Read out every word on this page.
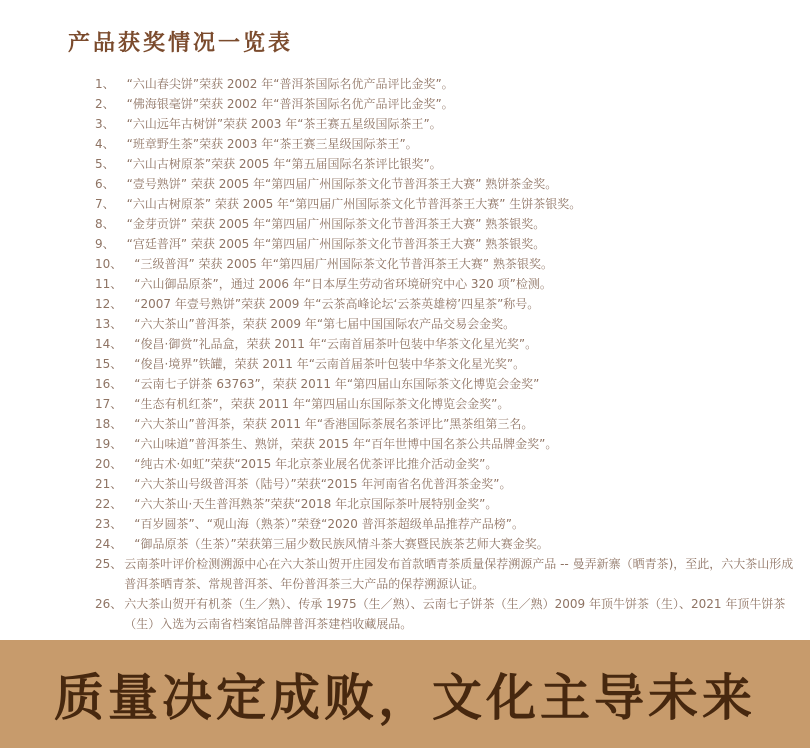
产品获奖情况一览表
1、 “六山春尖饼”荣获 2002 年“普洱茶国际名优产品评比金奖”。
2、 “佛海银毫饼”荣获 2002 年“普洱茶国际名优产品评比金奖”。
3、 “六山远年古树饼”荣获 2003 年“茶王赛五星级国际茶王”。
4、 “班章野生茶”荣获 2003 年“茶王赛三星级国际茶王”。
5、 “六山古树原茶”荣获 2005 年“第五届国际名茶评比银奖”。
6、 “壹号熟饼” 荣获 2005 年“第四届广州国际茶文化节普洱茶王大赛” 熟饼茶金奖。
7、 “六山古树原茶” 荣获 2005 年“第四届广州国际茶文化节普洱茶王大赛” 生饼茶银奖。
8、 “金芽贡饼” 荣获 2005 年“第四届广州国际茶文化节普洱茶王大赛” 熟茶银奖。
9、 “宫廷普洱” 荣获 2005 年“第四届广州国际茶文化节普洱茶王大赛” 熟茶银奖。
10、 “三级普洱” 荣获 2005 年“第四届广州国际茶文化节普洱茶王大赛” 熟茶银奖。
11、 “六山御品原茶”，通过 2006 年“日本厚生劳动省环境研究中心 320 项”检测。
12、 “2007 年壹号熟饼”荣获 2009 年“云茶高峰论坛‘云茶英雄榜’四星茶”称号。
13、 “六大茶山”普洱茶，荣获 2009 年“第七届中国国际农产品交易会金奖。
14、 “俊昌·御赏”礼品盒，荣获 2011 年“云南首届茶叶包装中华茶文化星光奖”。
15、 “俊昌·境界”铁罐，荣获 2011 年“云南首届茶叶包装中华茶文化星光奖”。
16、 “云南七子饼茶 63763”，荣获 2011 年“第四届山东国际茶文化博览会金奖”
17、 “生态有机红茶”，荣获 2011 年“第四届山东国际茶文化博览会金奖”。
18、 “六大茶山”普洱茶，荣获 2011 年“香港国际茶展名茶评比”黑茶组第三名。
19、 “六山味道”普洱茶生、熟饼，荣获 2015 年“百年世博中国名茶公共品牌金奖”。
20、 “纯古术·如虹”荣获“2015 年北京茶业展名优茶评比推介活动金奖”。
21、 “六大茶山号级普洱茶（陆号）”荣获“2015 年河南省名优普洱茶金奖”。
22、 “六大茶山·天生普洱熟茶”荣获“2018 年北京国际茶叶展特别金奖”。
23、 “百岁圆茶”、“观山海（熟茶）”荣登“2020 普洱茶超级单品推荐产品榜”。
24、 “御品原茶（生茶）”荣获第三届少数民族风情斗茶大赛暨民族茶艺师大赛金奖。
25、 云南茶叶评价检测溯源中心在六大茶山贺开庄园发布首款晒青茶质量保荐溯源产品 -- 曼弄新寨（晒青茶)，至此，六大茶山形成普洱茶晒青茶、常规普洱茶、年份普洱茶三大产品的保荐溯源认证。
26、 六大茶山贺开有机茶（生／熟）、传承 1975（生／熟）、云南七子饼茶（生／熟）2009 年顶牛饼茶（生）、2021 年顶牛饼茶（生）入选为云南省档案馆品牌普洱茶建档收藏展品。
质量决定成败，文化主导未来
